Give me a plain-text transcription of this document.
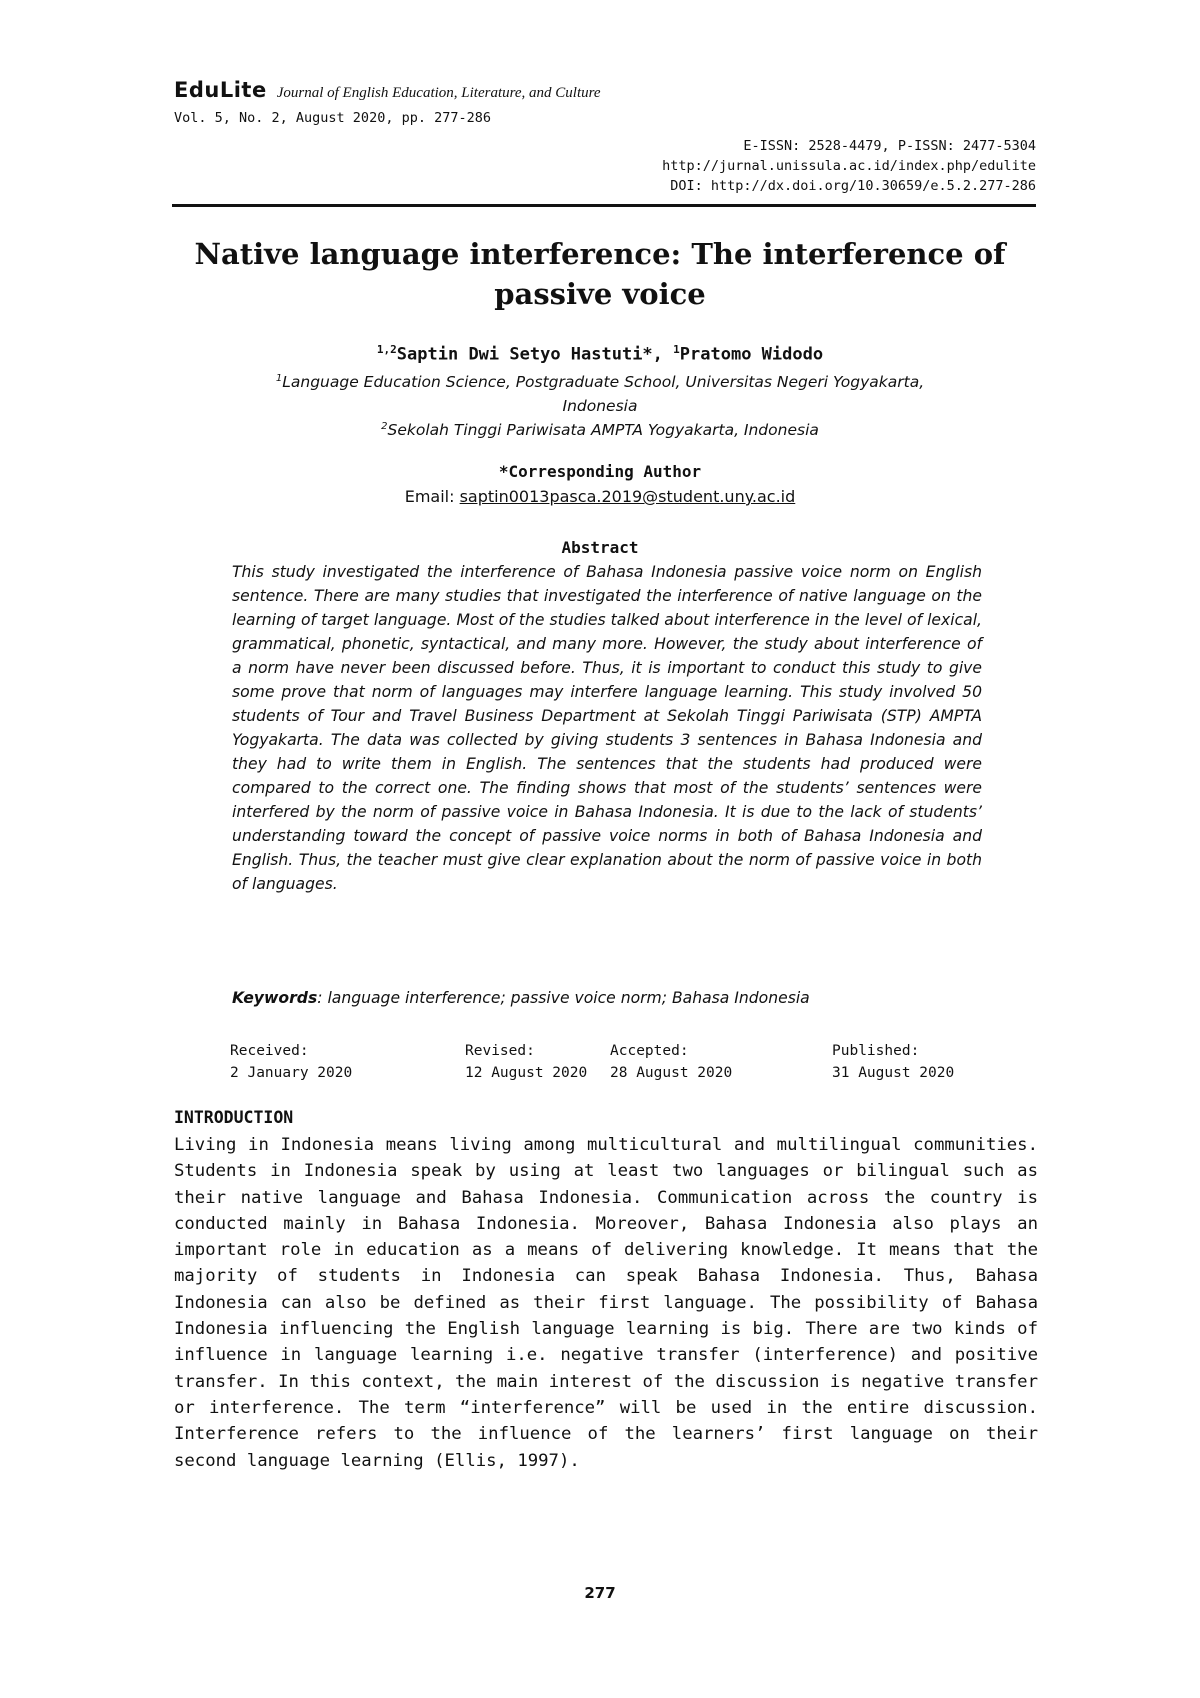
EduLite Journal of English Education, Literature, and Culture
Vol. 5, No. 2, August 2020, pp. 277-286
E-ISSN: 2528-4479, P-ISSN: 2477-5304
http://jurnal.unissula.ac.id/index.php/edulite
DOI: http://dx.doi.org/10.30659/e.5.2.277-286
Native language interference: The interference of
passive voice
$^{1,2}$Saptin Dwi Setyo Hastuti*, $^1$Pratomo Widodo
$^1$Language Education Science, Postgraduate School, Universitas Negeri Yogyakarta,
Indonesia
$^2$Sekolah Tinggi Pariwisata AMPTA Yogyakarta, Indonesia
*Corresponding Author
Email: saptin0013pasca.2019@student.uny.ac.id
Abstract
This study investigated the interference of Bahasa Indonesia passive voice norm on English sentence. There are many studies that investigated the interference of native language on the learning of target language. Most of the studies talked about interference in the level of lexical, grammatical, phonetic, syntactical, and many more. However, the study about interference of a norm have never been discussed before. Thus, it is important to conduct this study to give some prove that norm of languages may interfere language learning. This study involved 50 students of Tour and Travel Business Department at Sekolah Tinggi Pariwisata (STP) AMPTA Yogyakarta. The data was collected by giving students 3 sentences in Bahasa Indonesia and they had to write them in English. The sentences that the students had produced were compared to the correct one. The finding shows that most of the students’ sentences were interfered by the norm of passive voice in Bahasa Indonesia. It is due to the lack of students’ understanding toward the concept of passive voice norms in both of Bahasa Indonesia and English. Thus, the teacher must give clear explanation about the norm of passive voice in both of languages.
Keywords: language interference; passive voice norm; Bahasa Indonesia
Received:
2 January 2020
Revised:
12 August 2020
Accepted:
28 August 2020
Published:
31 August 2020
INTRODUCTION
Living in Indonesia means living among multicultural and multilingual communities. Students in Indonesia speak by using at least two languages or bilingual such as their native language and Bahasa Indonesia. Communication across the country is conducted mainly in Bahasa Indonesia. Moreover, Bahasa Indonesia also plays an important role in education as a means of delivering knowledge. It means that the majority of students in Indonesia can speak Bahasa Indonesia. Thus, Bahasa Indonesia can also be defined as their first language. The possibility of Bahasa Indonesia influencing the English language learning is big. There are two kinds of influence in language learning i.e. negative transfer (interference) and positive transfer. In this context, the main interest of the discussion is negative transfer or interference. The term “interference” will be used in the entire discussion. Interference refers to the influence of the learners’ first language on their second language learning (Ellis, 1997).
277
